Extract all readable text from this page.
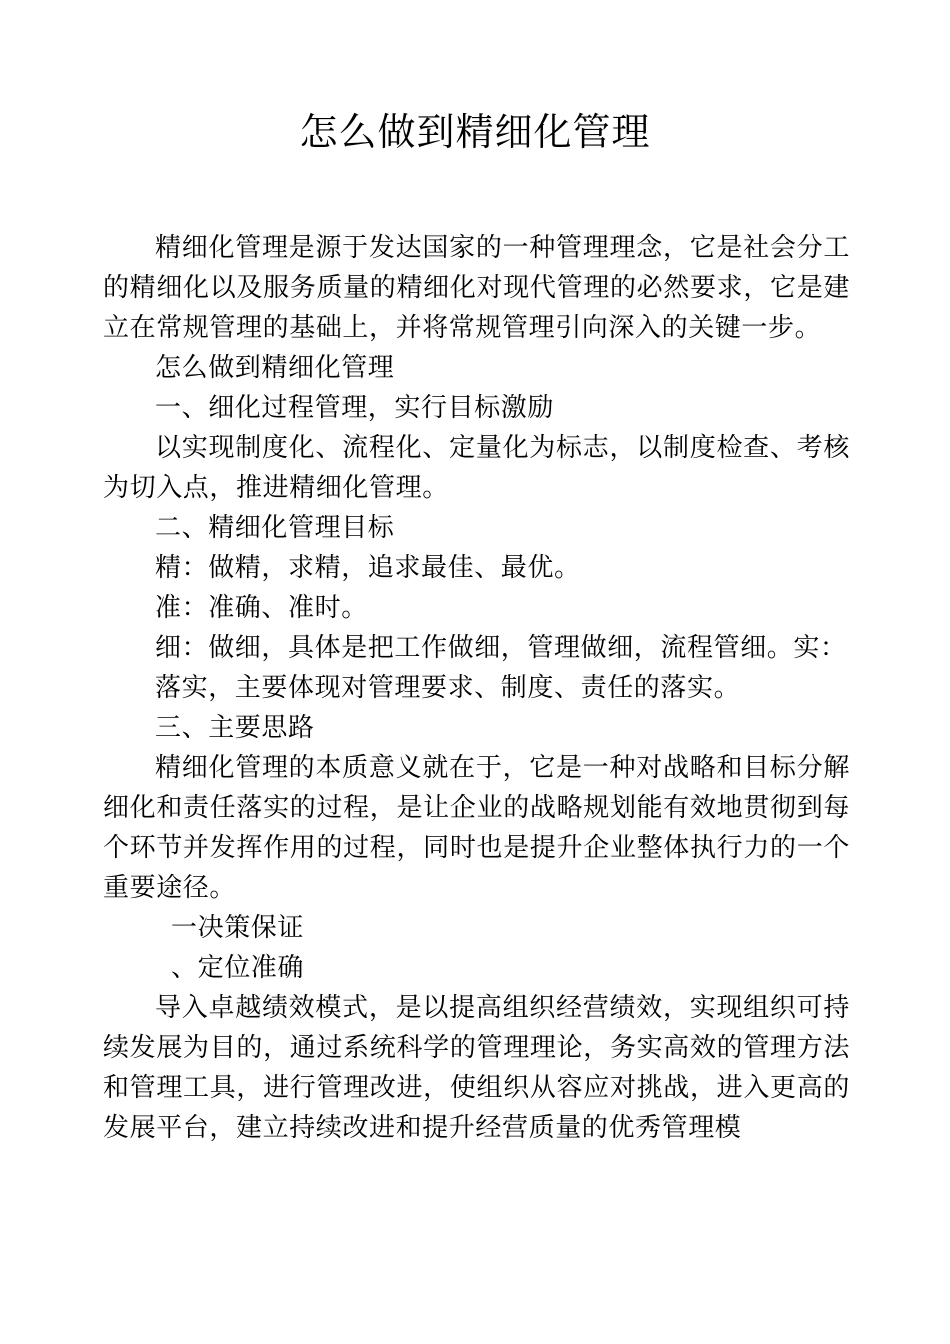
怎么做到精细化管理

精细化管理是源于发达国家的一种管理理念，它是社会分工的精细化以及服务质量的精细化对现代管理的必然要求，它是建立在常规管理的基础上，并将常规管理引向深入的关键一步。

怎么做到精细化管理

一、细化过程管理，实行目标激励

以实现制度化、流程化、定量化为标志，以制度检查、考核为切入点，推进精细化管理。

二、精细化管理目标

精：做精，求精，追求最佳、最优。

准：准确、准时。

细：做细，具体是把工作做细，管理做细，流程管细。实：

落实，主要体现对管理要求、制度、责任的落实。

三、主要思路

精细化管理的本质意义就在于，它是一种对战略和目标分解细化和责任落实的过程，是让企业的战略规划能有效地贯彻到每个环节并发挥作用的过程，同时也是提升企业整体执行力的一个重要途径。

一决策保证

、定位准确

导入卓越绩效模式，是以提高组织经营绩效，实现组织可持续发展为目的，通过系统科学的管理理论，务实高效的管理方法和管理工具，进行管理改进，使组织从容应对挑战，进入更高的发展平台，建立持续改进和提升经营质量的优秀管理模
